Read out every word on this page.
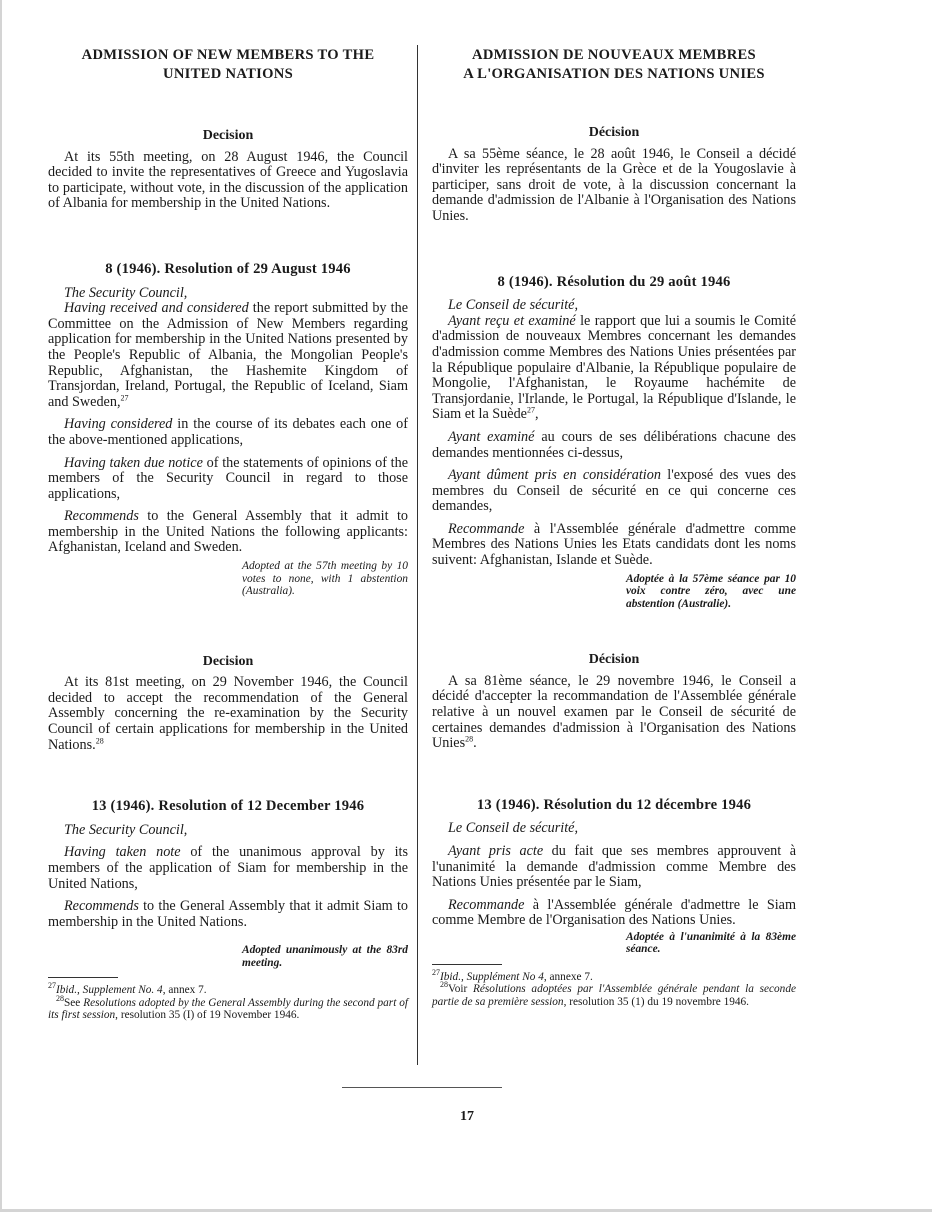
ADMISSION OF NEW MEMBERS TO THE
UNITED NATIONS
Decision

At its 55th meeting, on 28 August 1946, the Council decided to invite the representatives of Greece and Yugoslavia to participate, without vote, in the discussion of the application of Albania for membership in the United Nations.

8 (1946). Resolution of 29 August 1946

The Security Council,

Having received and considered the report submitted by the Committee on the Admission of New Members regarding application for membership in the United Nations presented by the People's Republic of Albania, the Mongolian People's Republic, Afghanistan, the Hashemite Kingdom of Transjordan, Ireland, Portugal, the Republic of Iceland, Siam and Sweden,$^{27}$

Having considered in the course of its debates each one of the above-mentioned applications,

Having taken due notice of the statements of opinions of the members of the Security Council in regard to those applications,

Recommends to the General Assembly that it admit to membership in the United Nations the following applicants: Afghanistan, Iceland and Sweden.

Adopted at the 57th meeting by 10 votes to none, with 1 abstention (Australia).
Decision

At its 81st meeting, on 29 November 1946, the Council decided to accept the recommendation of the General Assembly concerning the re-examination by the Security Council of certain applications for membership in the United Nations.$^{28}$

13 (1946). Resolution of 12 December 1946

The Security Council,

Having taken note of the unanimous approval by its members of the application of Siam for membership in the United Nations,

Recommends to the General Assembly that it admit Siam to membership in the United Nations.

Adopted unanimously at the 83rd meeting.
$^{27}$Ibid., Supplement No. 4, annex 7.
$^{28}$See Resolutions adopted by the General Assembly during the second part of its first session, resolution 35 (I) of 19 November 1946.
ADMISSION DE NOUVEAUX MEMBRES
A L'ORGANISATION DES NATIONS UNIES
Décision

A sa 55ème séance, le 28 août 1946, le Conseil a décidé d'inviter les représentants de la Grèce et de la Yougoslavie à participer, sans droit de vote, à la discussion concernant la demande d'admission de l'Albanie à l'Organisation des Nations Unies.

8 (1946). Résolution du 29 août 1946

Le Conseil de sécurité,

Ayant reçu et examiné le rapport que lui a soumis le Comité d'admission de nouveaux Membres concernant les demandes d'admission comme Membres des Nations Unies présentées par la République populaire d'Albanie, la République populaire de Mongolie, l'Afghanistan, le Royaume hachémite de Transjordanie, l'Irlande, le Portugal, la République d'Islande, le Siam et la Suède$^{27}$,

Ayant examiné au cours de ses délibérations chacune des demandes mentionnées ci-dessus,

Ayant dûment pris en considération l'exposé des vues des membres du Conseil de sécurité en ce qui concerne ces demandes,

Recommande à l'Assemblée générale d'admettre comme Membres des Nations Unies les Etats candidats dont les noms suivent: Afghanistan, Islande et Suède.

Adoptée à la 57ème séance par 10 voix contre zéro, avec une abstention (Australie).
Décision

A sa 81ème séance, le 29 novembre 1946, le Conseil a décidé d'accepter la recommandation de l'Assemblée générale relative à un nouvel examen par le Conseil de sécurité de certaines demandes d'admission à l'Organisation des Nations Unies$^{28}$.

13 (1946). Résolution du 12 décembre 1946

Le Conseil de sécurité,

Ayant pris acte du fait que ses membres approuvent à l'unanimité la demande d'admission comme Membre des Nations Unies présentée par le Siam,

Recommande à l'Assemblée générale d'admettre le Siam comme Membre de l'Organisation des Nations Unies.

Adoptée à l'unanimité à la 83ème séance.
$^{27}$Ibid., Supplément No 4, annexe 7.
$^{28}$Voir Résolutions adoptées par l'Assemblée générale pendant la seconde partie de sa première session, resolution 35 (1) du 19 novembre 1946.
17
